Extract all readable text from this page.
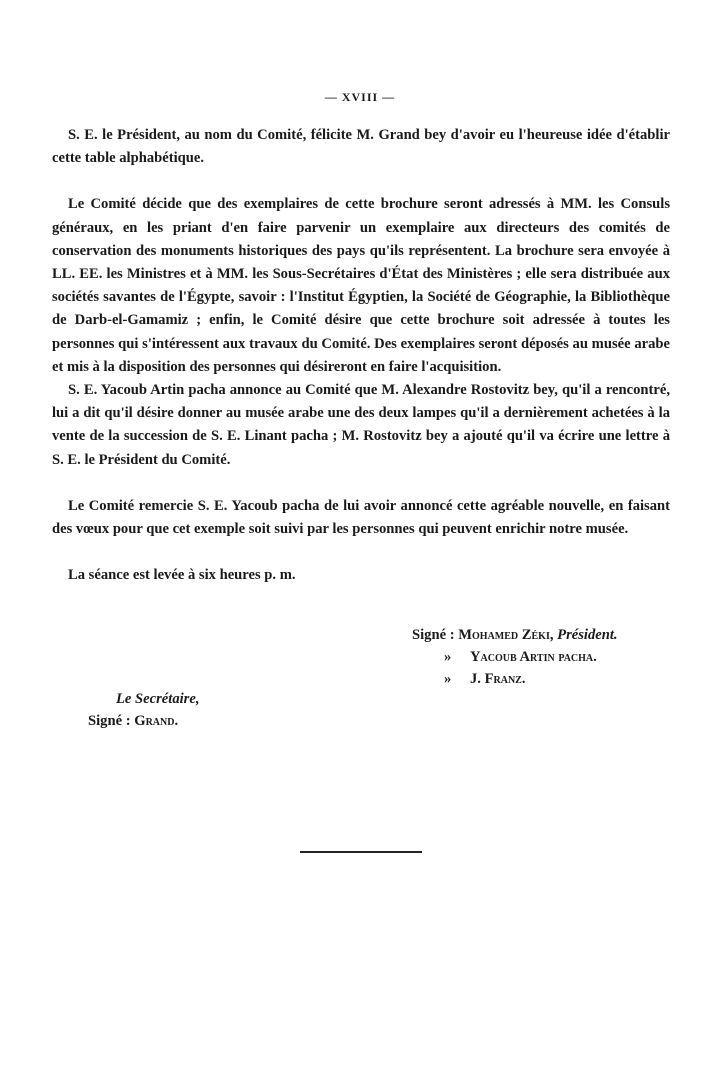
— XVIII —

S. E. le Président, au nom du Comité, félicite M. Grand bey d'avoir eu l'heureuse idée d'établir cette table alphabétique.

Le Comité décide que des exemplaires de cette brochure seront adressés à MM. les Consuls généraux, en les priant d'en faire parvenir un exemplaire aux directeurs des comités de conservation des monuments historiques des pays qu'ils représentent. La brochure sera envoyée à LL. EE. les Ministres et à MM. les Sous-Secrétaires d'État des Ministères ; elle sera distribuée aux sociétés savantes de l'Égypte, savoir : l'Institut Égyptien, la Société de Géographie, la Bibliothèque de Darb-el-Gamamiz ; enfin, le Comité désire que cette brochure soit adressée à toutes les personnes qui s'intéressent aux travaux du Comité. Des exemplaires seront déposés au musée arabe et mis à la disposition des personnes qui désireront en faire l'acquisition.

S. E. Yacoub Artin pacha annonce au Comité que M. Alexandre Rostovitz bey, qu'il a rencontré, lui a dit qu'il désire donner au musée arabe une des deux lampes qu'il a dernièrement achetées à la vente de la succession de S. E. Linant pacha ; M. Rostovitz bey a ajouté qu'il va écrire une lettre à S. E. le Président du Comité.

Le Comité remercie S. E. Yacoub pacha de lui avoir annoncé cette agréable nouvelle, en faisant des vœux pour que cet exemple soit suivi par les personnes qui peuvent enrichir notre musée.

La séance est levée à six heures p. m.

Signé : Mohamed Zéki, Président.
» Yacoub Artin pacha.
» J. Franz.
Le Secrétaire,
Signé : Grand.
